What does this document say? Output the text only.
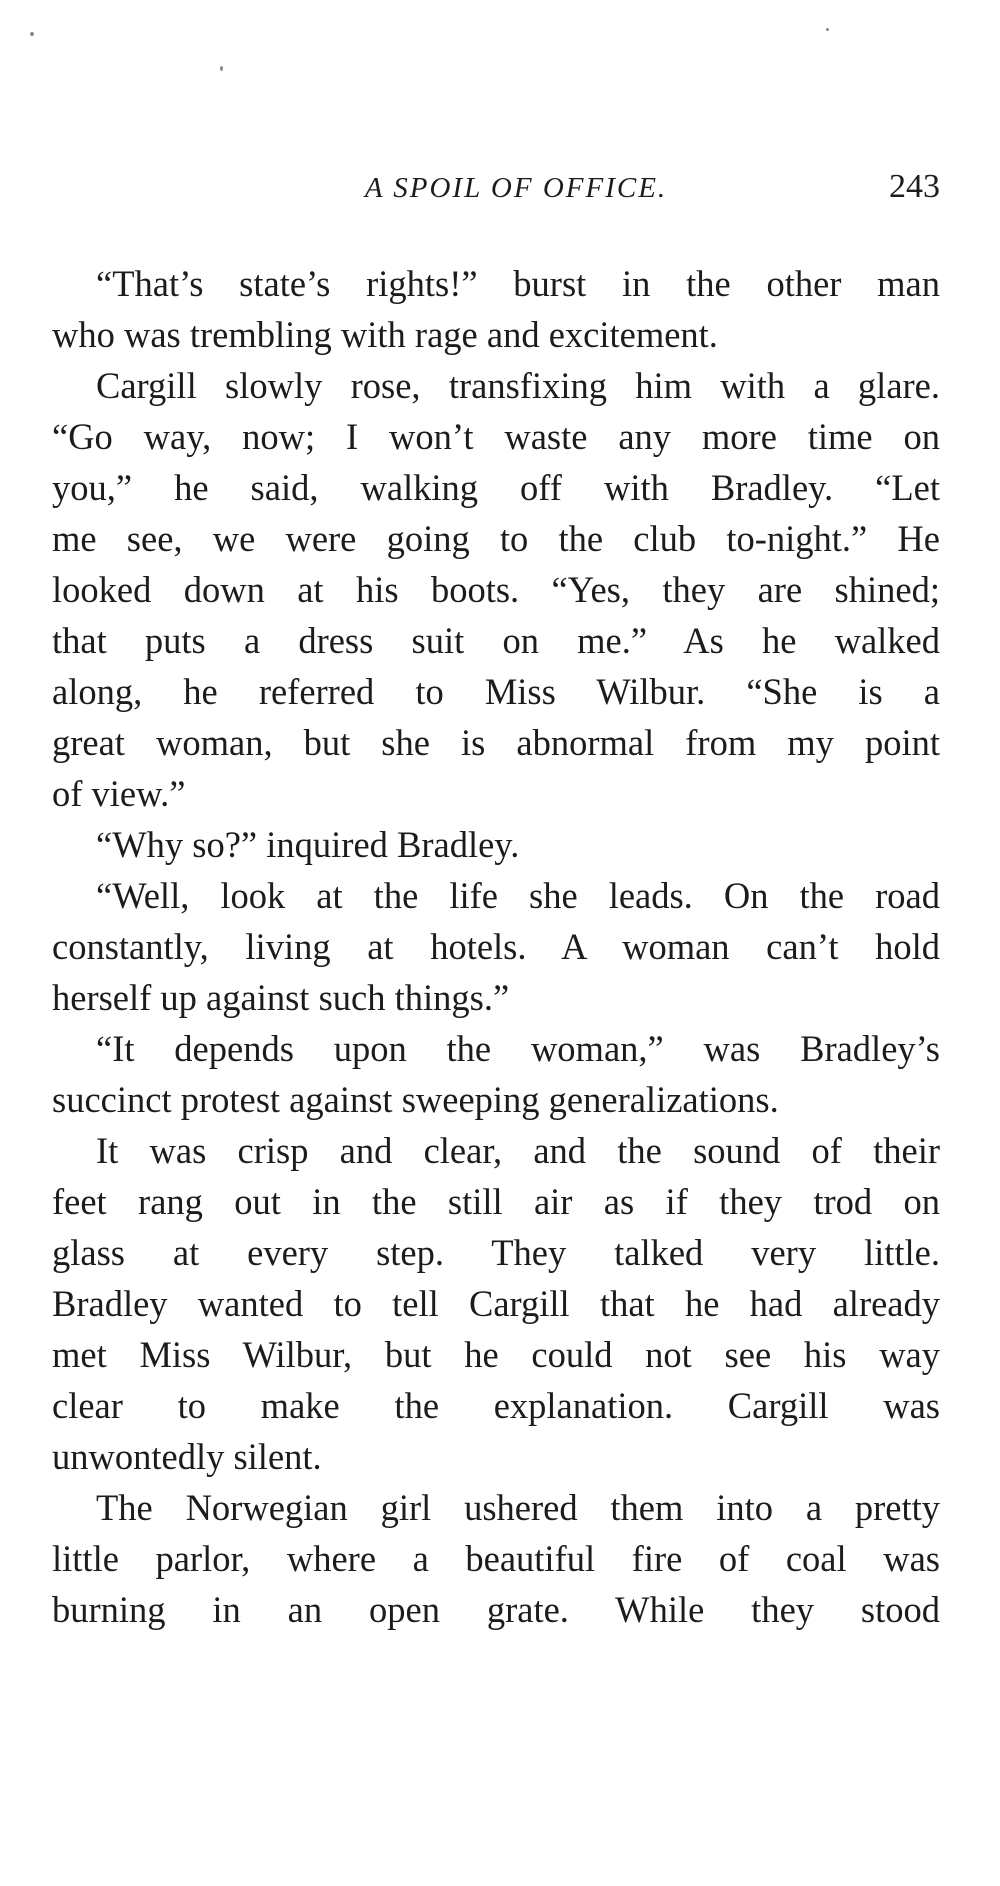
A SPOIL OF OFFICE.	243
“That’s state’s rights!” burst in the other man
who was trembling with rage and excitement.
Cargill slowly rose, transfixing him with a glare.
“Go way, now; I won’t waste any more time on
you,” he said, walking off with Bradley. “Let
me see, we were going to the club to-night.” He
looked down at his boots. “Yes, they are shined;
that puts a dress suit on me.” As he walked
along, he referred to Miss Wilbur. “She is a
great woman, but she is abnormal from my point
of view.”
“Why so?” inquired Bradley.
“Well, look at the life she leads. On the road
constantly, living at hotels. A woman can’t hold
herself up against such things.”
“It depends upon the woman,” was Bradley’s
succinct protest against sweeping generalizations.
It was crisp and clear, and the sound of their
feet rang out in the still air as if they trod on
glass at every step. They talked very little.
Bradley wanted to tell Cargill that he had already
met Miss Wilbur, but he could not see his way
clear to make the explanation. Cargill was
unwontedly silent.
The Norwegian girl ushered them into a pretty
little parlor, where a beautiful fire of coal was
burning in an open grate. While they stood
